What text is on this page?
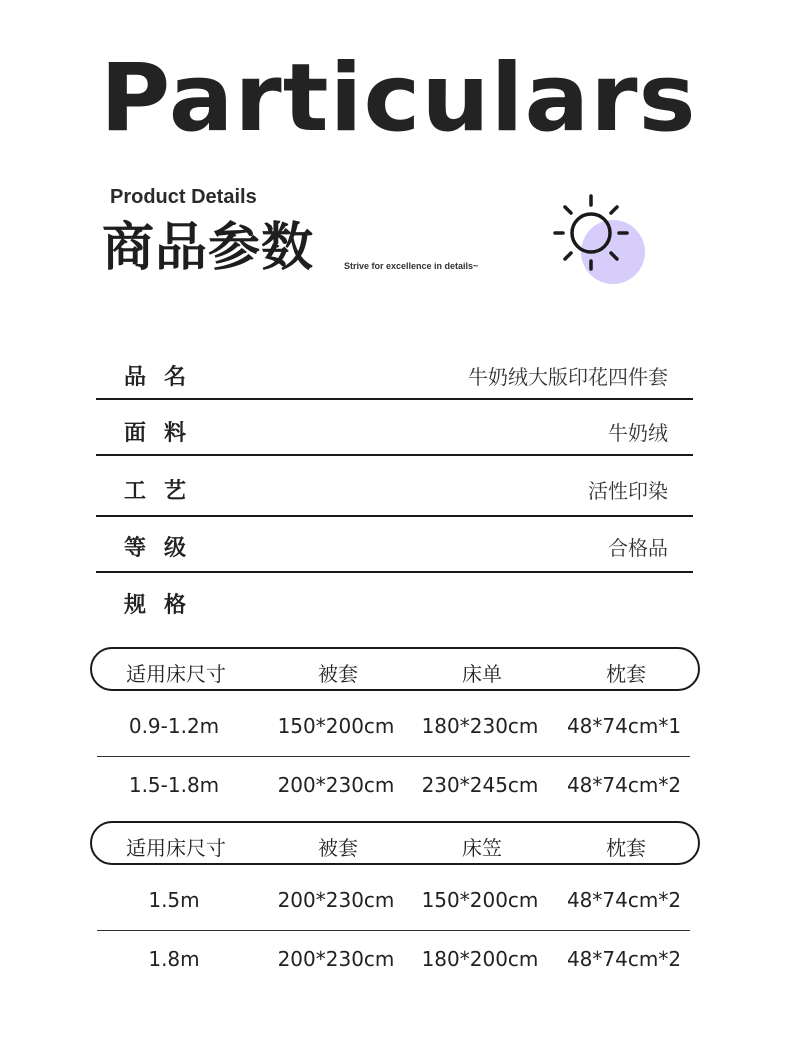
Particulars
Product Details
商品参数	Strive for excellence in details~
品名	牛奶绒大版印花四件套
面料	牛奶绒
工艺	活性印染
等级	合格品
规格
适用床尺寸	被套	床单	枕套
0.9-1.2m	150*200cm	180*230cm	48*74cm*1
1.5-1.8m	200*230cm	230*245cm	48*74cm*2
适用床尺寸	被套	床笠	枕套
1.5m	200*230cm	150*200cm	48*74cm*2
1.8m	200*230cm	180*200cm	48*74cm*2
